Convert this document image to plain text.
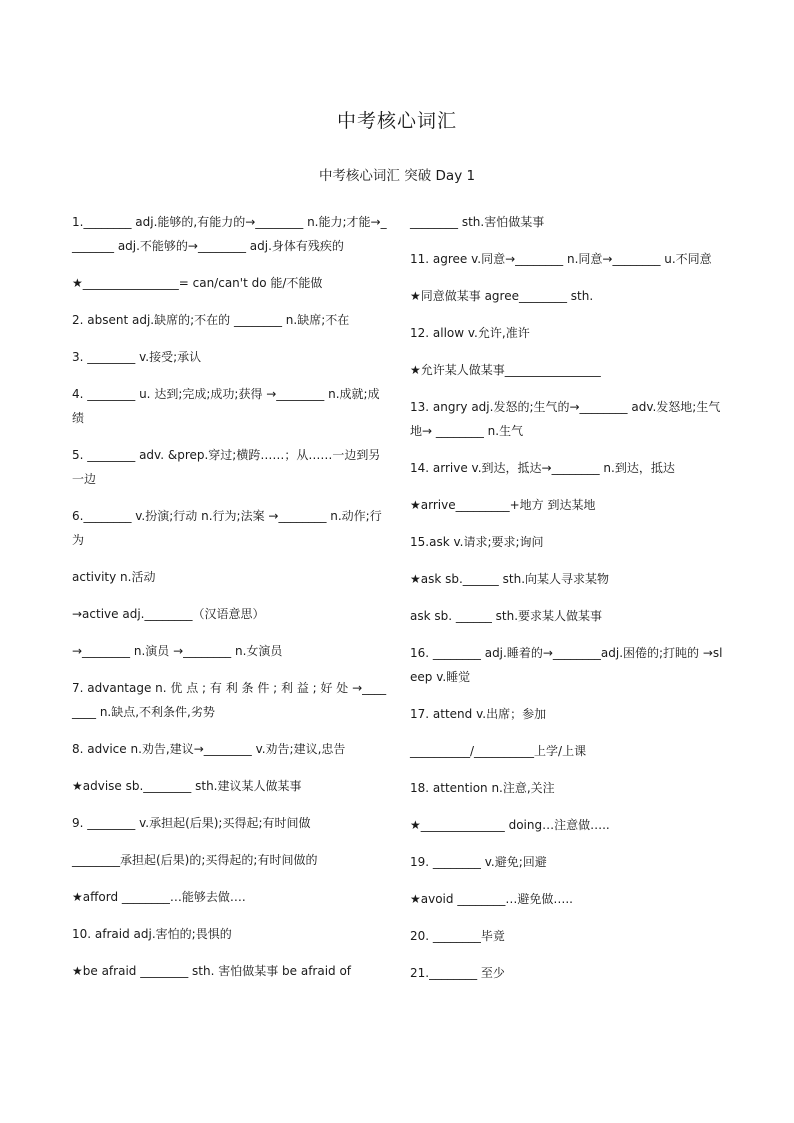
中考核心词汇
中考核心词汇 突破 Day 1

1.________ adj.能够的,有能力的→________ n.能力;才能→________ adj.不能够的→________ adj.身体有残疾的

★________________= can/can't do 能/不能做

2. absent adj.缺席的;不在的 ________ n.缺席;不在

3. ________ v.接受;承认

4. ________ u. 达到;完成;成功;获得 →________ n.成就;成绩

5. ________ adv. &prep.穿过;横跨……；从……一边到另一边

6.________ v.扮演;行动 n.行为;法案 →________ n.动作;行为

activity n.活动

→active adj.________（汉语意思）

→________ n.演员 →________ n.女演员

7. advantage n. 优 点 ; 有 利 条 件 ; 利 益 ; 好 处 →________ n.缺点,不利条件,劣势

8. advice n.劝告,建议→________ v.劝告;建议,忠告

★advise sb.________ sth.建议某人做某事

9. ________ v.承担起(后果);买得起;有时间做

________承担起(后果)的;买得起的;有时间做的

★afford ________…能够去做….

10. afraid adj.害怕的;畏惧的

★be afraid ________ sth. 害怕做某事 be afraid of

________ sth.害怕做某事

11. agree v.同意→________ n.同意→________ u.不同意

★同意做某事 agree________ sth.

12. allow v.允许,准许

★允许某人做某事________________

13. angry adj.发怒的;生气的→________ adv.发怒地;生气地→ ________ n.生气

14. arrive v.到达，抵达→________ n.到达，抵达

★arrive_________+地方 到达某地

15.ask v.请求;要求;询问

★ask sb.______ sth.向某人寻求某物

ask sb. ______ sth.要求某人做某事

16. ________ adj.睡着的→________adj.困倦的;打盹的 →sleep v.睡觉

17. attend v.出席；参加

__________/__________上学/上课

18. attention n.注意,关注

★______________ doing…注意做…..

19. ________ v.避免;回避

★avoid ________…避免做…..

20. ________毕竟

21.________ 至少
